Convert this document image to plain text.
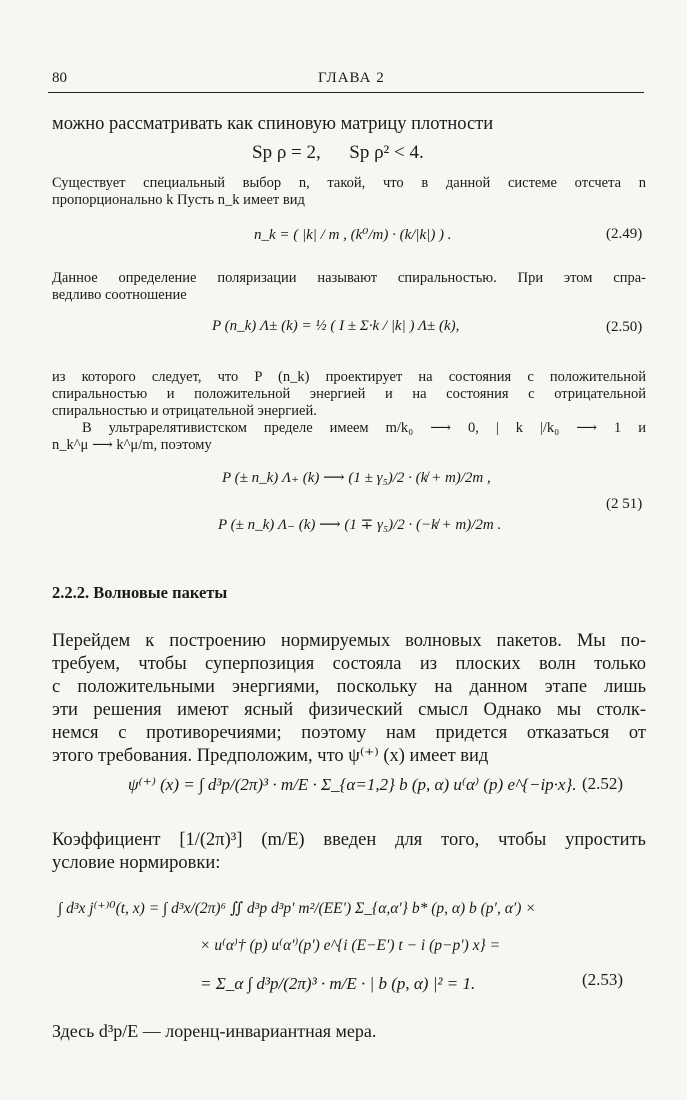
80	ГЛАВА 2
можно рассматривать как спиновую матрицу плотности
Sp ρ = 2,      Sp ρ² < 4.
Существует специальный выбор n, такой, что в данной системе отсчета n
пропорционально k Пусть n_k имеет вид
n_k = ( |k| / m , (k⁰/m) · (k/|k|) ) .	(2.49)
Данное определение поляризации называют спиральностью. При этом спра-
ведливо соотношение
P (n_k) Λ± (k) = ½ ( I ± Σ·k / |k| ) Λ± (k),	(2.50)
из которого следует, что P (n_k) проектирует на состояния с положительной
спиральностью и положительной энергией и на состояния с отрицательной
спиральностью и отрицательной энергией.
В ультрарелятивистском пределе имеем m/k₀ ⟶ 0, | k |/k₀ ⟶ 1 и
n_k^μ ⟶ k^μ/m, поэтому
P (± n_k) Λ₊ (k) ⟶ (1 ± γ₅)/2 · (k̸ + m)/2m ,
P (± n_k) Λ₋ (k) ⟶ (1 ∓ γ₅)/2 · (−k̸ + m)/2m .
(2 51)
2.2.2. Волновые пакеты
Перейдем к построению нормируемых волновых пакетов. Мы по-
требуем, чтобы суперпозиция состояла из плоских волн только
с положительными энергиями, поскольку на данном этапе лишь
эти решения имеют ясный физический смысл Однако мы столк-
немся с противоречиями; поэтому нам придется отказаться от
этого требования. Предположим, что ψ⁽⁺⁾ (x) имеет вид
ψ⁽⁺⁾ (x) = ∫ d³p/(2π)³ · m/E · Σ_{α=1,2} b (p, α) u⁽α⁾ (p) e^{−ip·x}. (2.52)
Коэффициент [1/(2π)³] (m/E) введен для того, чтобы упростить
условие нормировки:
∫ d³x j⁽⁺⁾⁰(t, x) = ∫ d³x/(2π)⁶ ∬ d³p d³p′ m²/(EE′) Σ_{α,α′} b* (p, α) b (p′, α′) ×
× u⁽α⁾† (p) u⁽α′⁾(p′) e^{i (E−E′) t − i (p−p′) x} =
= Σ_α ∫ d³p/(2π)³ · m/E · | b (p, α) |² = 1.	(2.53)
Здесь d³p/E — лоренц-инвариантная мера.
